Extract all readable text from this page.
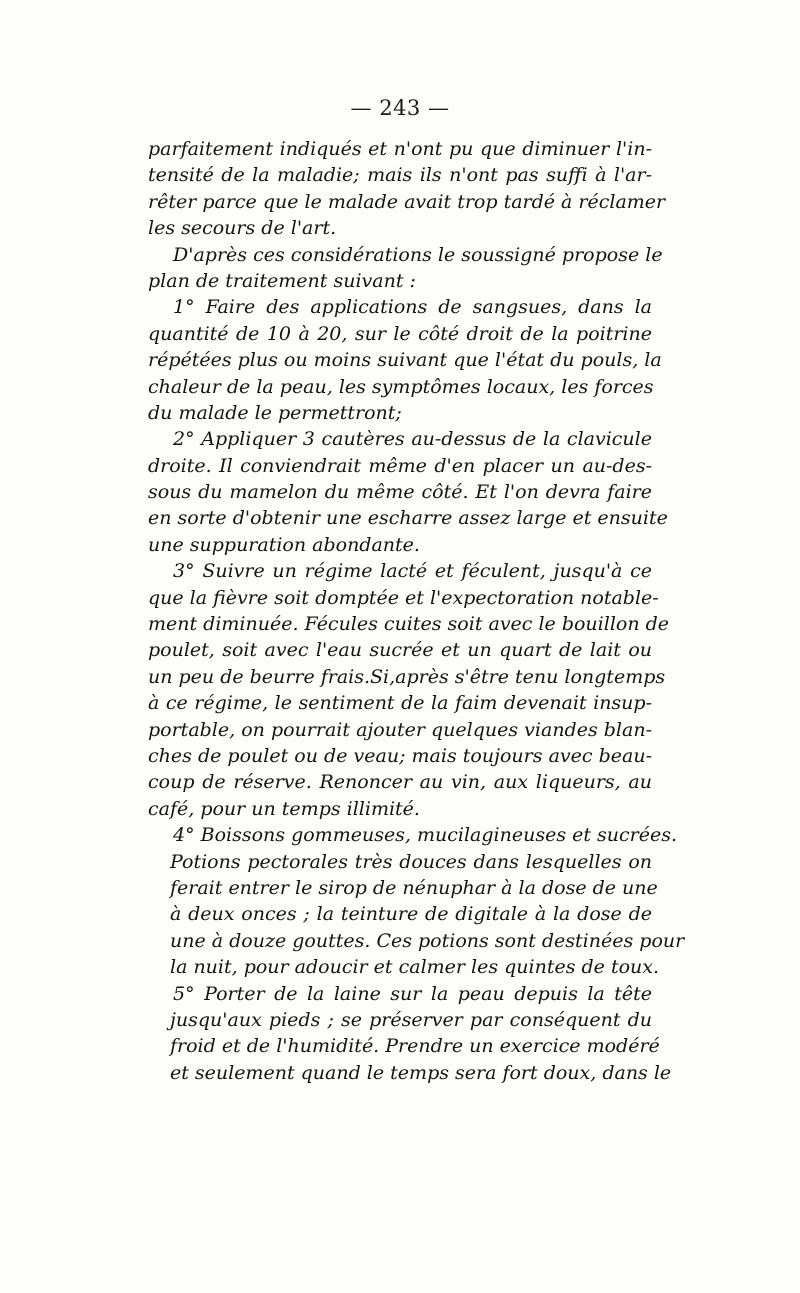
— 243 —
parfaitement indiqués et n'ont pu que diminuer l'in-
tensité de la maladie; mais ils n'ont pas suffi à l'ar-
rêter parce que le malade avait trop tardé à réclamer
les secours de l'art.
D'après ces considérations le soussigné propose le
plan de traitement suivant :
1° Faire des applications de sangsues, dans la
quantité de 10 à 20, sur le côté droit de la poitrine
répétées plus ou moins suivant que l'état du pouls, la
chaleur de la peau, les symptômes locaux, les forces
du malade le permettront;
2° Appliquer 3 cautères au-dessus de la clavicule
droite. Il conviendrait même d'en placer un au-des-
sous du mamelon du même côté. Et l'on devra faire
en sorte d'obtenir une escharre assez large et ensuite
une suppuration abondante.
3° Suivre un régime lacté et féculent, jusqu'à ce
que la fièvre soit domptée et l'expectoration notable-
ment diminuée. Fécules cuites soit avec le bouillon de
poulet, soit avec l'eau sucrée et un quart de lait ou
un peu de beurre frais.Si,après s'être tenu longtemps
à ce régime, le sentiment de la faim devenait insup-
portable, on pourrait ajouter quelques viandes blan-
ches de poulet ou de veau; mais toujours avec beau-
coup de réserve. Renoncer au vin, aux liqueurs, au
café, pour un temps illimité.
4° Boissons gommeuses, mucilagineuses et sucrées.
Potions pectorales très douces dans lesquelles on
ferait entrer le sirop de nénuphar à la dose de une
à deux onces ; la teinture de digitale à la dose de
une à douze gouttes. Ces potions sont destinées pour
la nuit, pour adoucir et calmer les quintes de toux.
5° Porter de la laine sur la peau depuis la tête
jusqu'aux pieds ; se préserver par conséquent du
froid et de l'humidité. Prendre un exercice modéré
et seulement quand le temps sera fort doux, dans le
